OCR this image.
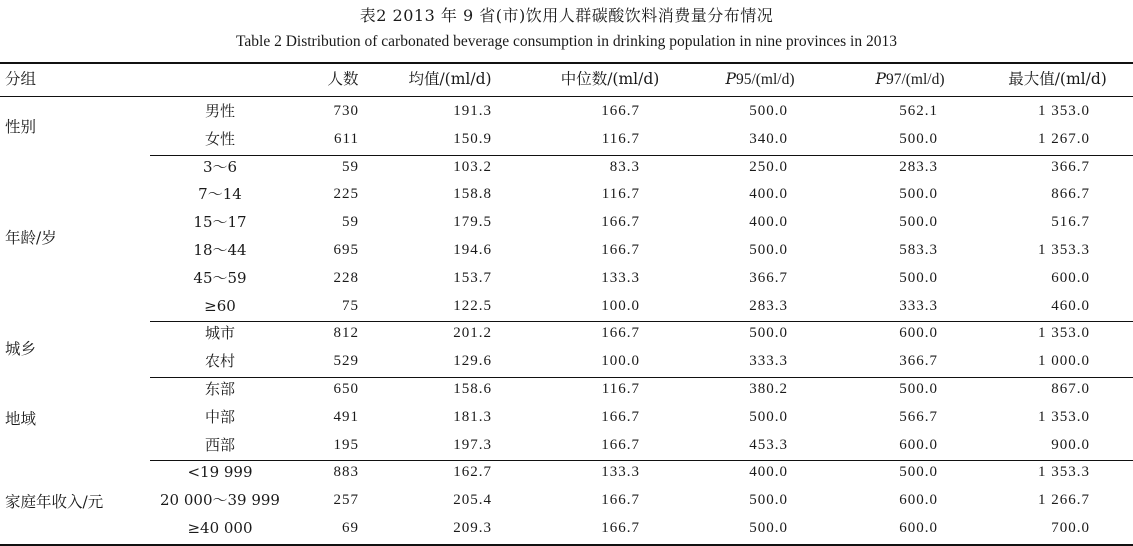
表2 2013 年 9 省(市)饮用人群碳酸饮料消费量分布情况
Table 2 Distribution of carbonated beverage consumption in drinking population in nine provinces in 2013
分组	人数	均值/(ml/d)	中位数/(ml/d)	P95/(ml/d)	P97/(ml/d)	最大值/(ml/d)
男性	730	191.3	166.7	500.0	562.1	1 353.0
女性	611	150.9	116.7	340.0	500.0	1 267.0
性别
3～6	59	103.2	83.3	250.0	283.3	366.7
7～14	225	158.8	116.7	400.0	500.0	866.7
15～17	59	179.5	166.7	400.0	500.0	516.7
18～44	695	194.6	166.7	500.0	583.3	1 353.3
45～59	228	153.7	133.3	366.7	500.0	600.0
≥60	75	122.5	100.0	283.3	333.3	460.0
年龄/岁
城市	812	201.2	166.7	500.0	600.0	1 353.0
农村	529	129.6	100.0	333.3	366.7	1 000.0
城乡
东部	650	158.6	116.7	380.2	500.0	867.0
中部	491	181.3	166.7	500.0	566.7	1 353.0
西部	195	197.3	166.7	453.3	600.0	900.0
地域
<19 999	883	162.7	133.3	400.0	500.0	1 353.3
20 000～39 999	257	205.4	166.7	500.0	600.0	1 266.7
≥40 000	69	209.3	166.7	500.0	600.0	700.0
家庭年收入/元
